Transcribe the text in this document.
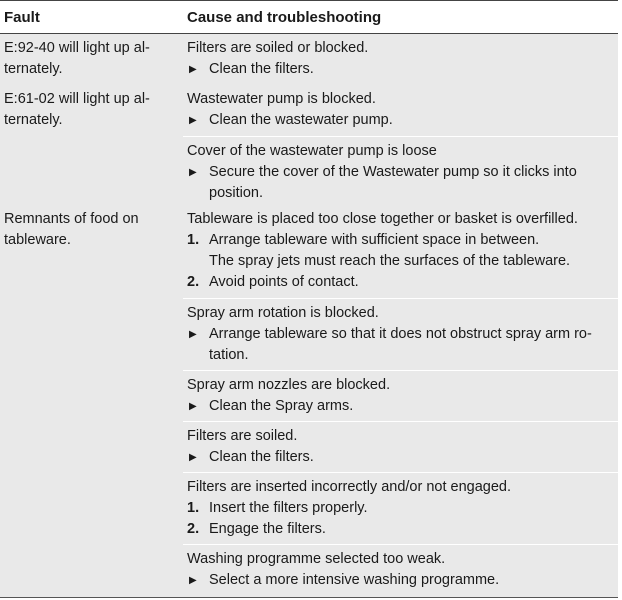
Fault	Cause and troubleshooting
E:92-40 will light up al-
ternately.
Filters are soiled or blocked.
▶ Clean the filters.
E:61-02 will light up al-
ternately.
Wastewater pump is blocked.
▶ Clean the wastewater pump.
Cover of the wastewater pump is loose
▶ Secure the cover of the Wastewater pump so it clicks into
position.
Remnants of food on
tableware.
Tableware is placed too close together or basket is overfilled.
1. Arrange tableware with sufficient space in between.
The spray jets must reach the surfaces of the tableware.
2. Avoid points of contact.
Spray arm rotation is blocked.
▶ Arrange tableware so that it does not obstruct spray arm ro-
tation.
Spray arm nozzles are blocked.
▶ Clean the Spray arms.
Filters are soiled.
▶ Clean the filters.
Filters are inserted incorrectly and/or not engaged.
1. Insert the filters properly.
2. Engage the filters.
Washing programme selected too weak.
▶ Select a more intensive washing programme.
